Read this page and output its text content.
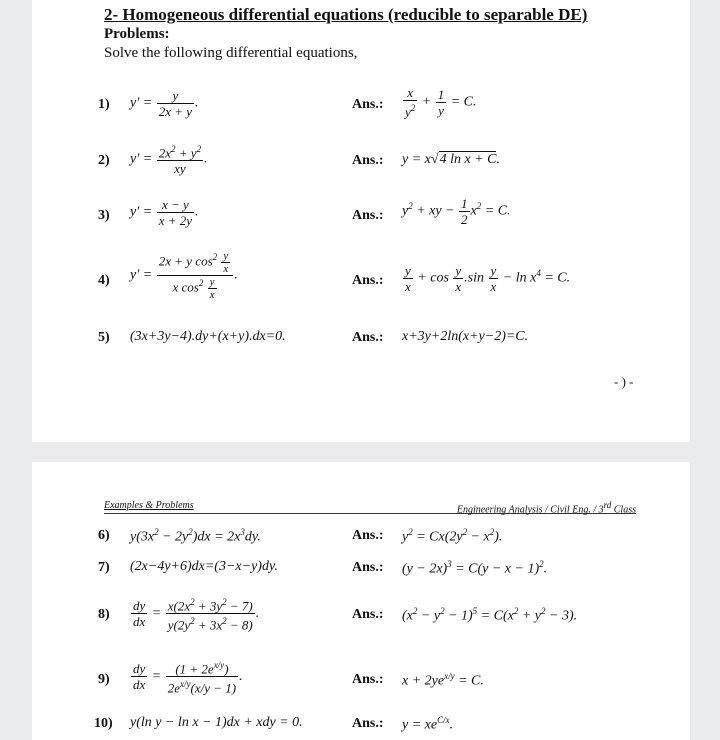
2- Homogeneous differential equations (reducible to separable DE)
Problems:
Solve the following differential equations,
1) $y' = \frac{y}{2x + y}$ .	Ans.: $\frac{x}{y^2} + \frac{1}{y} = C$.
2) $y' = \frac{2x^2 + y^2}{xy}$ .	Ans.: y = x√4 ln x + C.
3) $y' = \frac{x - y}{x + 2y}$ .	Ans.: $y^2$ + xy − $\frac{1}{2} x^2 = C$.
4) $y' = \frac{2x + y \cos^2 \frac{y}{x}}{x \cos^2 \frac{y}{x}}$ .	Ans.: $\frac{y}{x} + \cos \frac{y}{x} .\sin \frac{y}{x} - \ln x^4 = C$.
5) (3x+3y−4).dy+(x+y).dx=0.	Ans.: x+3y+2ln(x+y−2)=C.
- ) -
Examples & Problems	Engineering Analysis / Civil Eng. / 3rd Class
6) $y(3x^2 - 2y^2)dx = 2x^3dy$.	Ans.: $y^2 = Cx(2y^2 - x^2)$.
7) (2x−4y+6)dx=(3−x−y)dy.	Ans.: $(y - 2x)^3 = C(y - x - 1)^2$.
$8) \frac{dy}{dx} = \frac{x(2x^2 + 3y^2 - 7)}{y(2y^2 + 3x^2 - 8)}$ .	Ans.: $(x^2 - y^2 - 1)^5 = C(x^2 + y^2 - 3)$.
$9) \frac{dy}{dx} = \frac{(1 + 2e^{x/y})}{2e^{x/y}(x/y - 1)}$ .	Ans.: $x + 2ye^{x/y} = C$.
10) y(ln y − ln x − 1)dx + xdy = 0.	Ans.: $y = xe^{C/x}$.
